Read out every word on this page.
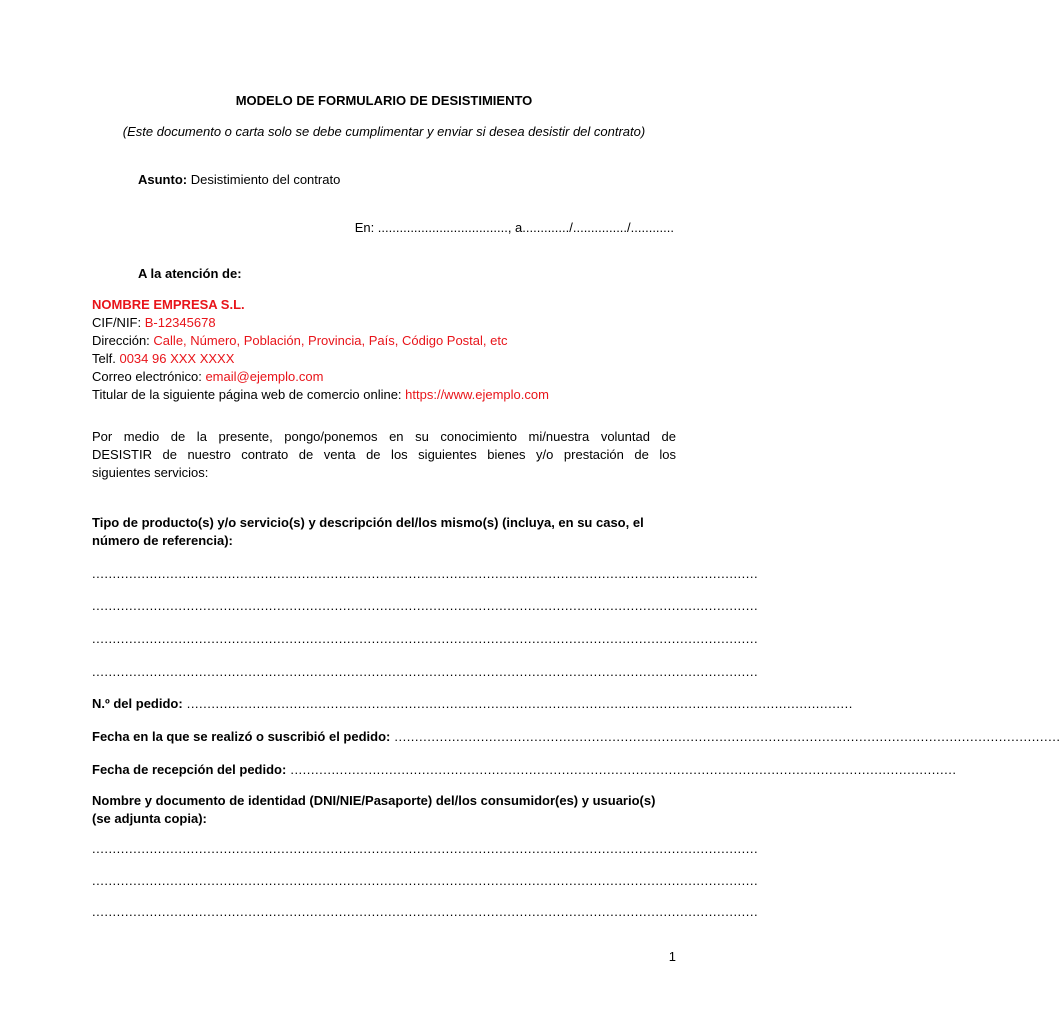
MODELO DE FORMULARIO DE DESISTIMIENTO
(Este documento o carta solo se debe cumplimentar y enviar si desea desistir del contrato)
Asunto: Desistimiento del contrato
En: ...................................., a............./.............../............
A la atención de:
NOMBRE EMPRESA S.L.
CIF/NIF: B-12345678
Dirección: Calle, Número, Población, Provincia, País, Código Postal, etc
Telf. 0034 96 XXX XXXX
Correo electrónico: email@ejemplo.com
Titular de la siguiente página web de comercio online: https://www.ejemplo.com
Por medio de la presente, pongo/ponemos en su conocimiento mi/nuestra voluntad de
DESISTIR de nuestro contrato de venta de los siguientes bienes y/o prestación de los
siguientes servicios:
Tipo de producto(s) y/o servicio(s) y descripción del/los mismo(s) (incluya, en su caso, el número de referencia):
..................................................................................................................................................................
..................................................................................................................................................................
..................................................................................................................................................................
..................................................................................................................................................................
N.º del pedido: ..................................................................................................................................................................
Fecha en la que se realizó o suscribió el pedido: ..................................................................................................................................................................
Fecha de recepción del pedido: ..................................................................................................................................................................
Nombre y documento de identidad (DNI/NIE/Pasaporte) del/los consumidor(es) y usuario(s) (se adjunta copia):
..................................................................................................................................................................
..................................................................................................................................................................
..................................................................................................................................................................
1
